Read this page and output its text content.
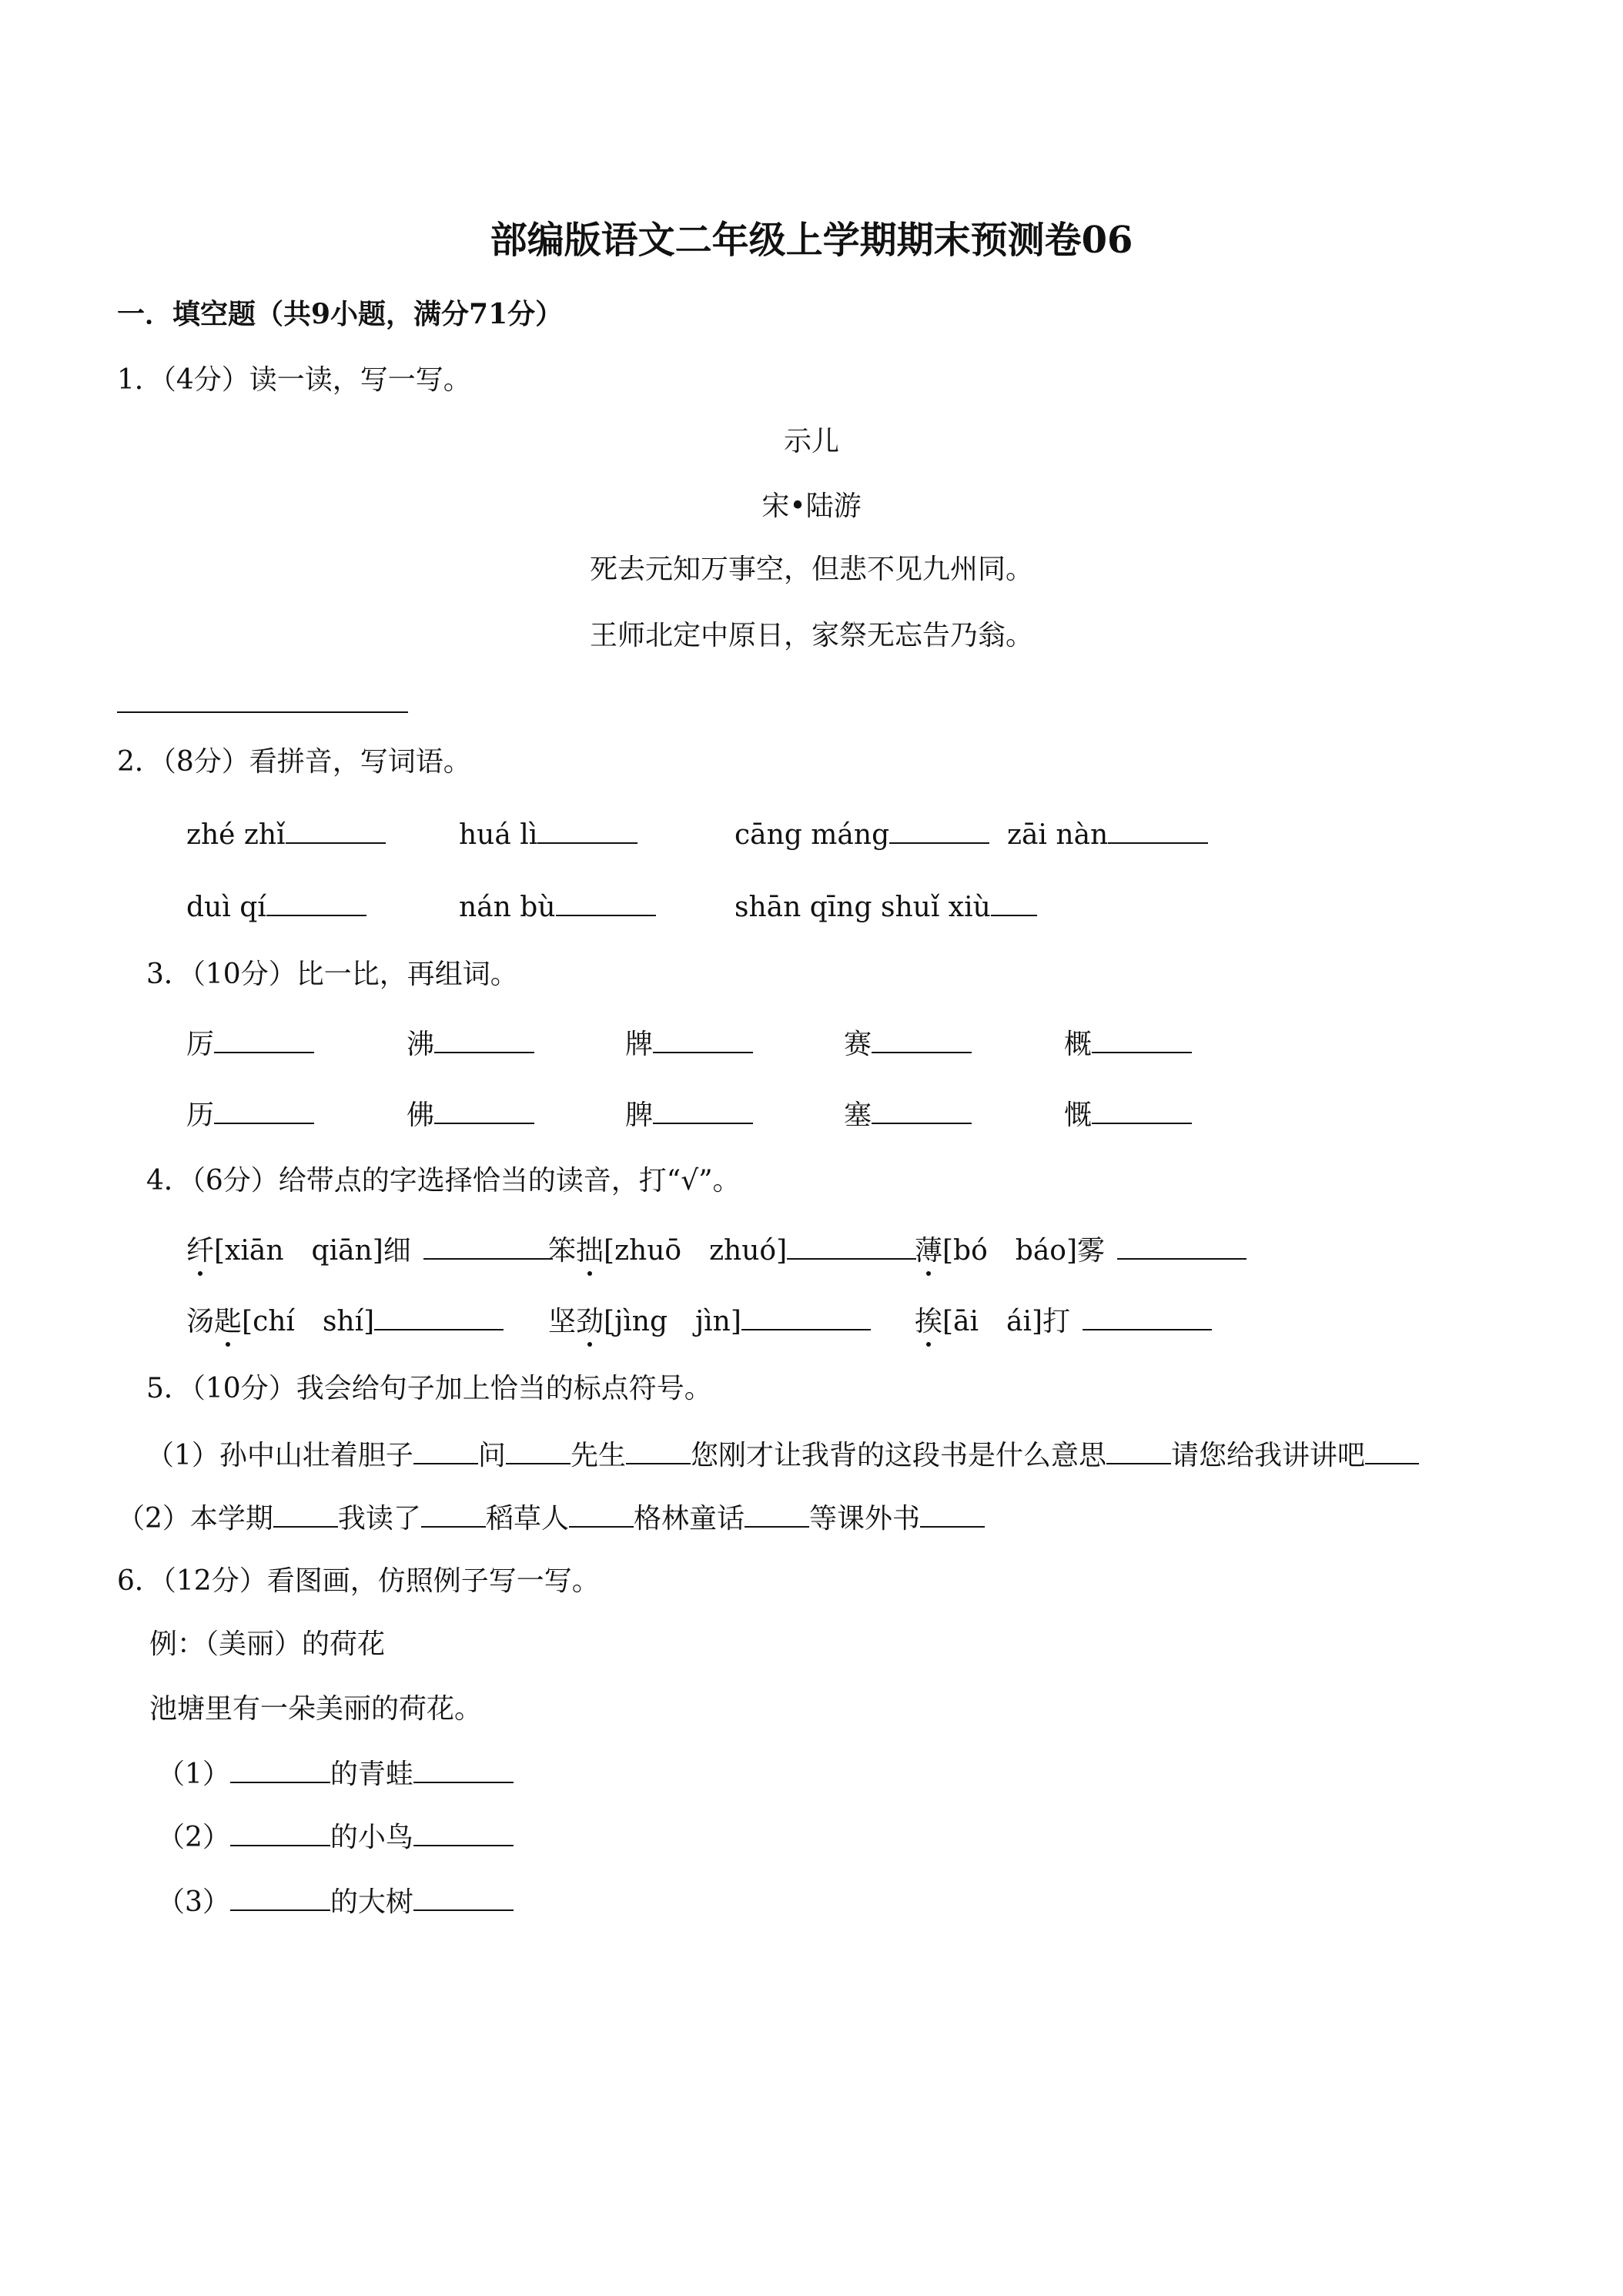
部编版语文二年级上学期期末预测卷06
一．填空题（共9小题，满分71分）
1．（4分）读一读，写一写。
示儿
宋•陆游
死去元知万事空，但悲不见九州同。
王师北定中原日，家祭无忘告乃翁。
2．（8分）看拼音，写词语。
zhé zhǐ	huá lì	cāng máng	zāi nàn
duì qí	nán bù	shān qīng shuǐ xiù
3．（10分）比一比，再组词。
厉	沸	牌	赛	概
历	佛	脾	塞	慨
4．（6分）给带点的字选择恰当的读音，打“√”。
纤[xiān　qiān]细	笨拙[zhuō　zhuó]	薄[bó　báo]雾
汤匙[chí　shí]	坚劲[jìng　jìn]	挨[āi　ái]打
5．（10分）我会给句子加上恰当的标点符号。
（1）孙中山壮着胆子 问 先生 您刚才让我背的这段书是什么意思 请您给我讲讲吧
（2）本学期 我读了 稻草人 格林童话 等课外书
6．（12分）看图画，仿照例子写一写。
例：（美丽）的荷花
池塘里有一朵美丽的荷花。
（1）	的青蛙
（2）	的小鸟
（3）	的大树
